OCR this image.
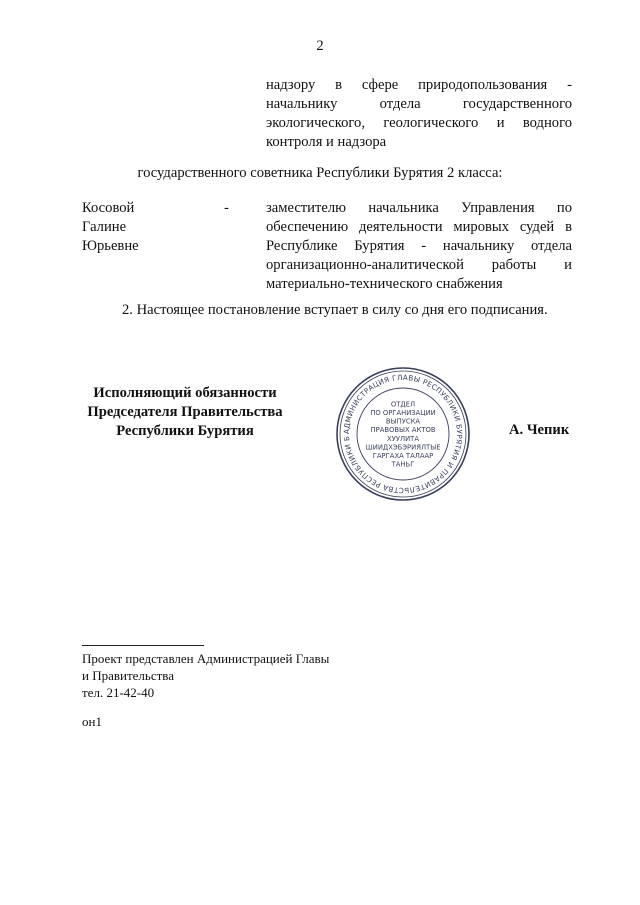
2
надзору в сфере природопользования -
начальнику отдела государственного
экологического, геологического и водного
контроля и надзора
государственного советника Республики Бурятия 2 класса:
Косовой
Галине
Юрьевне
-	заместителю начальника Управления по
обеспечению деятельности мировых судей в
Республике Бурятия - начальнику отдела
организационно-аналитической работы и
материально-технического снабжения
2. Настоящее постановление вступает в силу со дня его подписания.
Исполняющий обязанности
Председателя Правительства
Республики Бурятия	А. Чепик
АДМИНИСТРАЦИЯ ГЛАВЫ РЕСПУБЛИКИ БУРЯТИЯ И ПРАВИТЕЛЬСТВА РЕСПУБЛИКИ Б
ОТДЕЛ
ПО ОРГАНИЗАЦИИ
ВЫПУСКА
ПРАВОВЫХ АКТОВ
ХУУЛИТА
ШИИДХЭБЭРИЯЛТЫЕ
ГАРГАХА ТАЛААР
ТАНЬГ
Проект представлен Администрацией Главы
и Правительства
тел. 21-42-40
он1
